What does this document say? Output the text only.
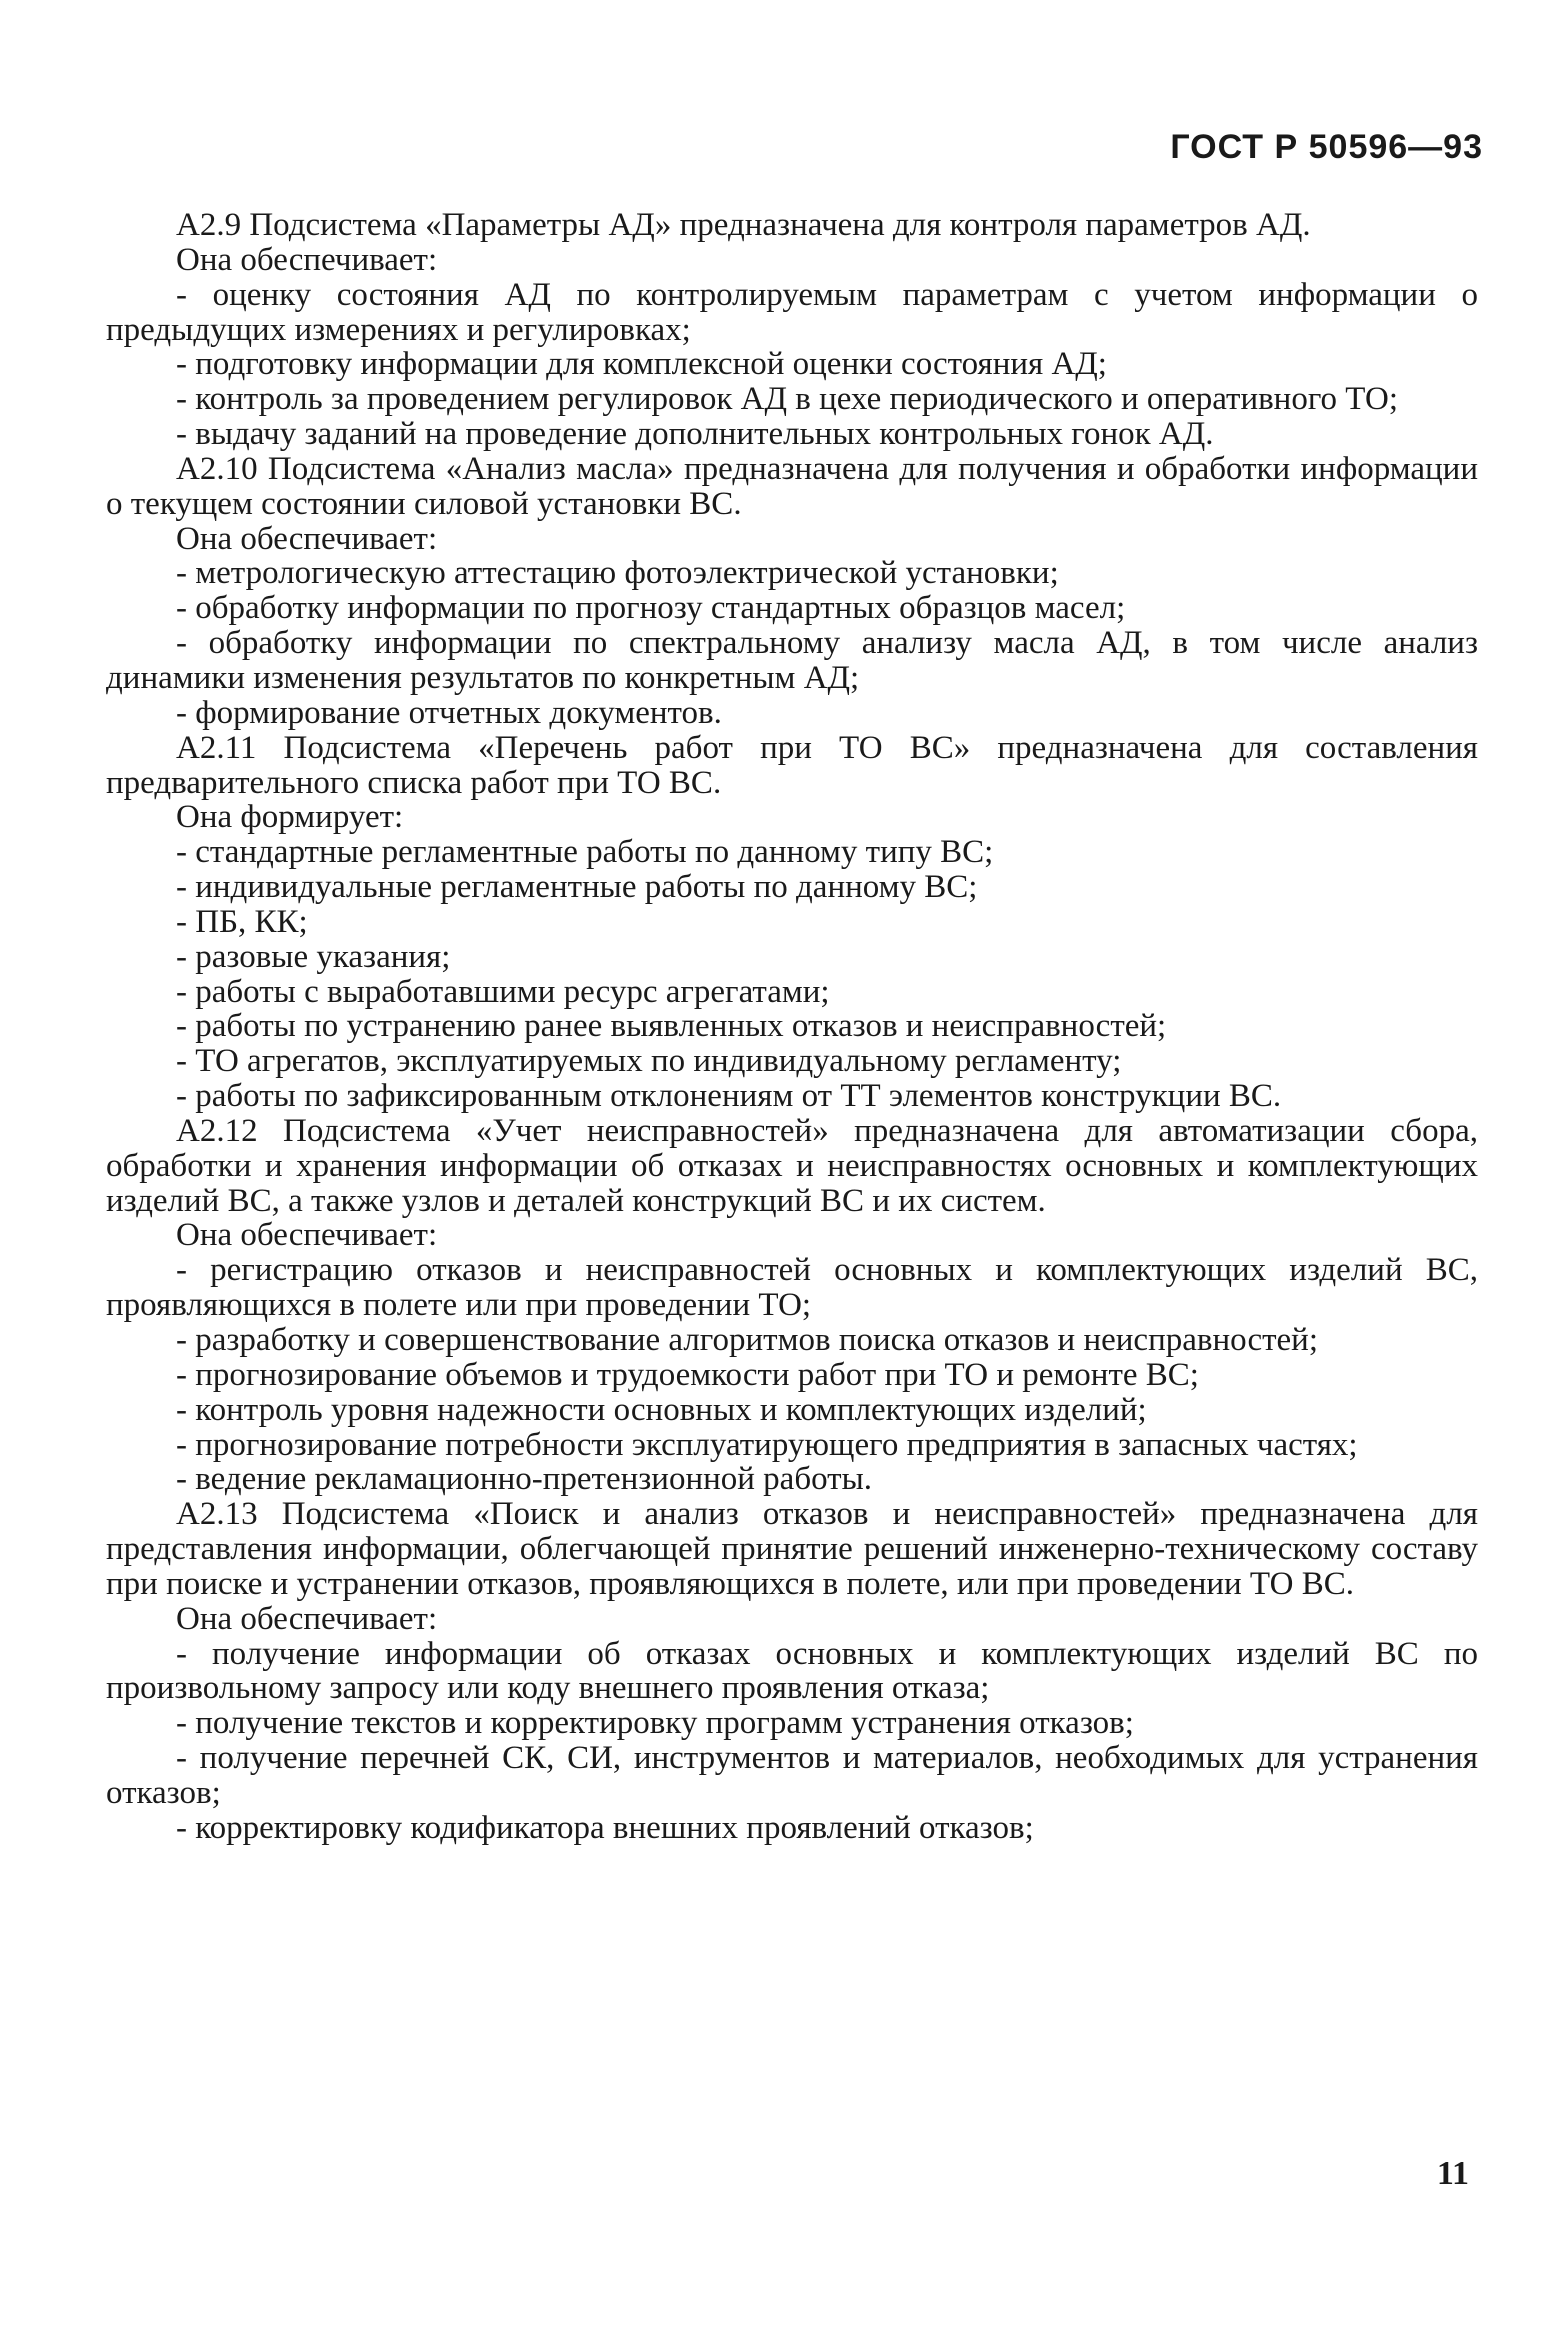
ГОСТ Р 50596—93

А2.9 Подсистема «Параметры АД» предназначена для контроля параметров АД.

Она обеспечивает:

- оценку состояния АД по контролируемым параметрам с учетом информации о предыдущих измерениях и регулировках;

- подготовку информации для комплексной оценки состояния АД;

- контроль за проведением регулировок АД в цехе периодического и оперативного ТО;

- выдачу заданий на проведение дополнительных контрольных гонок АД.

А2.10 Подсистема «Анализ масла» предназначена для получения и обработки информации о текущем состоянии силовой установки ВС.

Она обеспечивает:

- метрологическую аттестацию фотоэлектрической установки;

- обработку информации по прогнозу стандартных образцов масел;

- обработку информации по спектральному анализу масла АД, в том числе анализ динамики изменения результатов по конкретным АД;

- формирование отчетных документов.

А2.11 Подсистема «Перечень работ при ТО ВС» предназначена для составления предварительного списка работ при ТО ВС.

Она формирует:

- стандартные регламентные работы по данному типу ВС;

- индивидуальные регламентные работы по данному ВС;

- ПБ, КК;

- разовые указания;

- работы с выработавшими ресурс агрегатами;

- работы по устранению ранее выявленных отказов и неисправностей;

- ТО агрегатов, эксплуатируемых по индивидуальному регламенту;

- работы по зафиксированным отклонениям от ТТ элементов конструкции ВС.

А2.12 Подсистема «Учет неисправностей» предназначена для автоматизации сбора, обработки и хранения информации об отказах и неисправностях основных и комплектующих изделий ВС, а также узлов и деталей конструкций ВС и их систем.

Она обеспечивает:

- регистрацию отказов и неисправностей основных и комплектующих изделий ВС, проявляющихся в полете или при проведении ТО;

- разработку и совершенствование алгоритмов поиска отказов и неисправностей;

- прогнозирование объемов и трудоемкости работ при ТО и ремонте ВС;

- контроль уровня надежности основных и комплектующих изделий;

- прогнозирование потребности эксплуатирующего предприятия в запасных частях;

- ведение рекламационно-претензионной работы.

А2.13 Подсистема «Поиск и анализ отказов и неисправностей» предназначена для представления информации, облегчающей принятие решений инженерно-техническому составу при поиске и устранении отказов, проявляющихся в полете, или при проведении ТО ВС.

Она обеспечивает:

- получение информации об отказах основных и комплектующих изделий ВС по произвольному запросу или коду внешнего проявления отказа;

- получение текстов и корректировку программ устранения отказов;

- получение перечней СК, СИ, инструментов и материалов, необходимых для устранения отказов;

- корректировку кодификатора внешних проявлений отказов;

11
